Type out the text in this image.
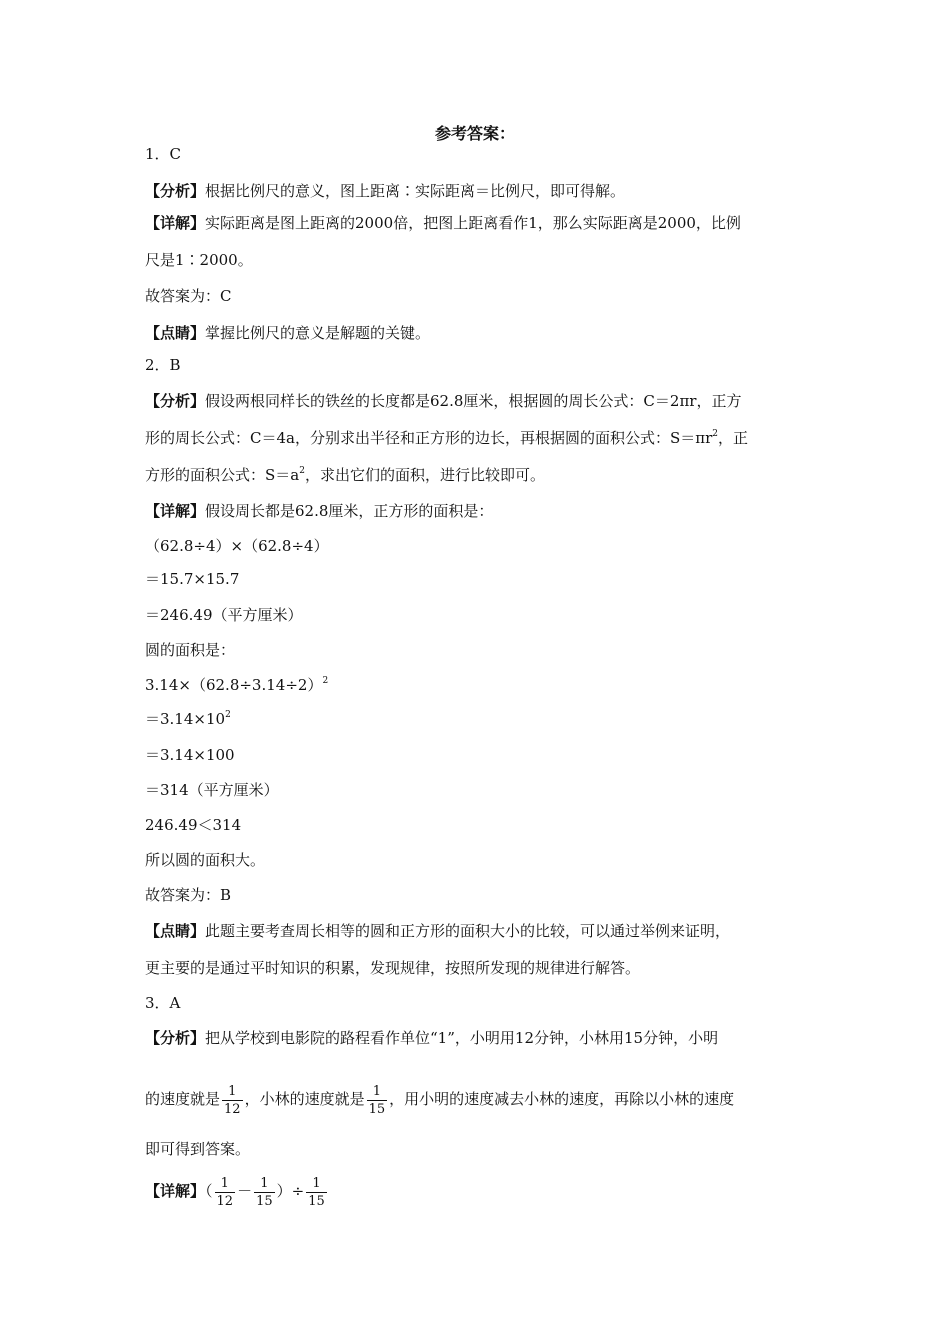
参考答案：
1．C
【分析】根据比例尺的意义，图上距离∶实际距离＝比例尺，即可得解。
【详解】实际距离是图上距离的2000倍，把图上距离看作1，那么实际距离是2000，比例
尺是1∶2000。
故答案为：C
【点睛】掌握比例尺的意义是解题的关键。
2．B
【分析】假设两根同样长的铁丝的长度都是62.8厘米，根据圆的周长公式：C＝2πr，正方
形的周长公式：C＝4a，分别求出半径和正方形的边长，再根据圆的面积公式：$S=\pi r^2$，正
方形的面积公式：$S=a^2$，求出它们的面积，进行比较即可。
【详解】假设周长都是62.8厘米，正方形的面积是：
（62.8÷4）×（62.8÷4）
＝15.7×15.7
＝246.49（平方厘米）
圆的面积是：
$3.14\times(62.8\div 3.14\div 2)^2$
$=3.14\times 10^2$
＝3.14×100
＝314（平方厘米）
246.49＜314
所以圆的面积大。
故答案为：B
【点睛】此题主要考查周长相等的圆和正方形的面积大小的比较，可以通过举例来证明，
更主要的是通过平时知识的积累，发现规律，按照所发现的规律进行解答。
3．A
【分析】把从学校到电影院的路程看作单位“1”，小明用12分钟，小林用15分钟，小明
的速度就是 $\frac{1}{12}$ ，小林的速度就是 $\frac{1}{15}$ ，用小明的速度减去小林的速度，再除以小林的速度
即可得到答案。
【详解】（ $\frac{1}{12} - \frac{1}{15}$ ）÷ $\frac{1}{15}$
